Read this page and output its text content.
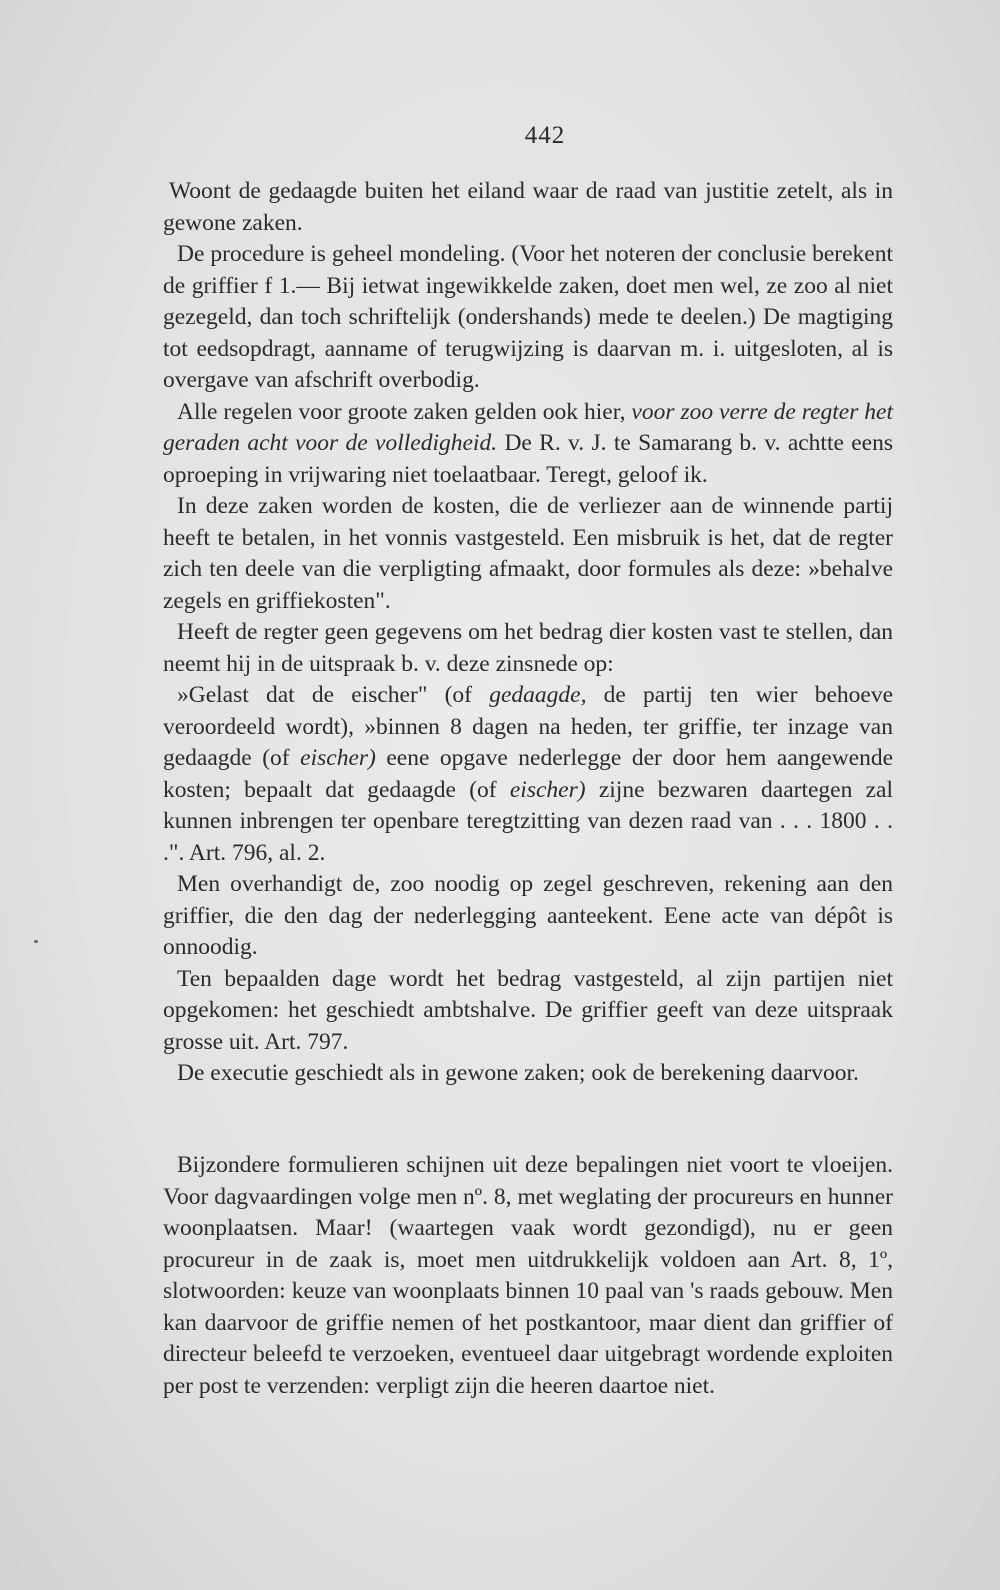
442

Woont de gedaagde buiten het eiland waar de raad van justitie zetelt, als in gewone zaken.

De procedure is geheel mondeling. (Voor het noteren der conclusie berekent de griffier f 1.— Bij ietwat ingewikkelde zaken, doet men wel, ze zoo al niet gezegeld, dan toch schriftelijk (ondershands) mede te deelen.) De magtiging tot eedsopdragt, aanname of terugwijzing is daarvan m. i. uitgesloten, al is overgave van afschrift overbodig.

Alle regelen voor groote zaken gelden ook hier, voor zoo verre de regter het geraden acht voor de volledigheid. De R. v. J. te Samarang b. v. achtte eens oproeping in vrijwaring niet toelaatbaar. Teregt, geloof ik.

In deze zaken worden de kosten, die de verliezer aan de winnende partij heeft te betalen, in het vonnis vastgesteld. Een misbruik is het, dat de regter zich ten deele van die verpligting afmaakt, door formules als deze: »behalve zegels en griffiekosten".

Heeft de regter geen gegevens om het bedrag dier kosten vast te stellen, dan neemt hij in de uitspraak b. v. deze zinsnede op:

»Gelast dat de eischer" (of gedaagde, de partij ten wier behoeve veroordeeld wordt), »binnen 8 dagen na heden, ter griffie, ter inzage van gedaagde (of eischer) eene opgave nederlegge der door hem aangewende kosten; bepaalt dat gedaagde (of eischer) zijne bezwaren daartegen zal kunnen inbrengen ter openbare teregtzitting van dezen raad van . . . 1800 . . .". Art. 796, al. 2.

Men overhandigt de, zoo noodig op zegel geschreven, rekening aan den griffier, die den dag der nederlegging aanteekent. Eene acte van dépôt is onnoodig.

Ten bepaalden dage wordt het bedrag vastgesteld, al zijn partijen niet opgekomen: het geschiedt ambtshalve. De griffier geeft van deze uitspraak grosse uit. Art. 797.

De executie geschiedt als in gewone zaken; ook de berekening daarvoor.

Bijzondere formulieren schijnen uit deze bepalingen niet voort te vloeijen. Voor dagvaardingen volge men nº. 8, met weglating der procureurs en hunner woonplaatsen. Maar! (waartegen vaak wordt gezondigd), nu er geen procureur in de zaak is, moet men uitdrukkelijk voldoen aan Art. 8, 1º, slotwoorden: keuze van woonplaats binnen 10 paal van 's raads gebouw. Men kan daarvoor de griffie nemen of het postkantoor, maar dient dan griffier of directeur beleefd te verzoeken, eventueel daar uitgebragt wordende exploiten per post te verzenden: verpligt zijn die heeren daartoe niet.
